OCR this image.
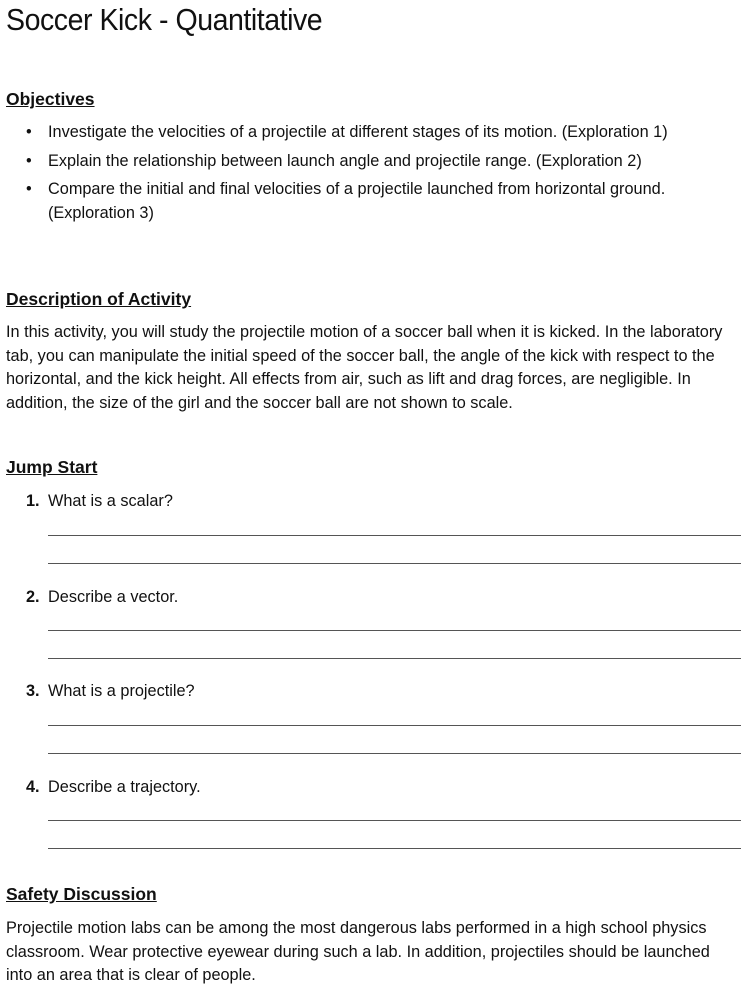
Soccer Kick - Quantitative
Objectives
• Investigate the velocities of a projectile at different stages of its motion. (Exploration 1)
• Explain the relationship between launch angle and projectile range. (Exploration 2)
• Compare the initial and final velocities of a projectile launched from horizontal ground. (Exploration 3)
Description of Activity
In this activity, you will study the projectile motion of a soccer ball when it is kicked. In the laboratory tab, you can manipulate the initial speed of the soccer ball, the angle of the kick with respect to the horizontal, and the kick height. All effects from air, such as lift and drag forces, are negligible. In addition, the size of the girl and the soccer ball are not shown to scale.
Jump Start
1. What is a scalar?
2. Describe a vector.
3. What is a projectile?
4. Describe a trajectory.
Safety Discussion
Projectile motion labs can be among the most dangerous labs performed in a high school physics classroom. Wear protective eyewear during such a lab. In addition, projectiles should be launched into an area that is clear of people.
